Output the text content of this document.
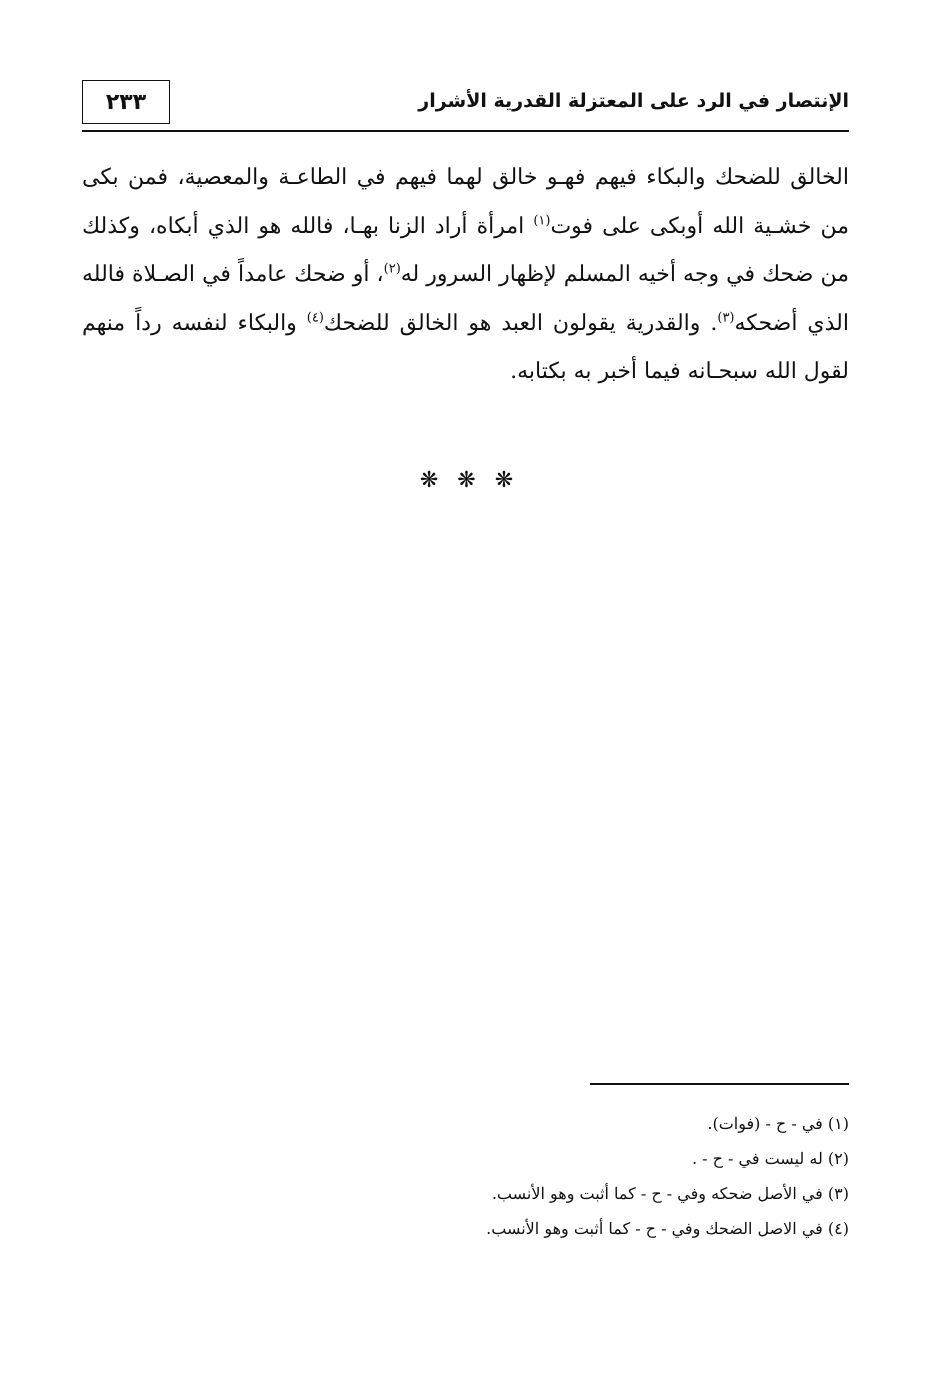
٢٣٣	الإنتصار في الرد على المعتزلة القدرية الأشرار

الخالق للضحك والبكاء فيهم فهـو خالق لهما فيهم في الطاعـة والمعصية، فمن بكى من خشـية الله أوبكى على فوت$^{(١)}$ امرأة أراد الزنا بهـا، فالله هو الذي أبكاه، وكذلك من ضحك في وجه أخيه المسلم لإظهار السرور له$^{(٢)}$، أو ضحك عامداً في الصـلاة فالله الذي أضحكه$^{(٣)}$. والقدرية يقولون العبد هو الخالق للضحك$^{(٤)}$ والبكاء لنفسه رداً منهم لقول الله سبحـانه فيما أخبر به بكتابه.

❋ ❋ ❋
(١) في - ح - (فوات).
(٢) له ليست في - ح - .
(٣) في الأصل ضحكه وفي - ح - كما أثبت وهو الأنسب.
(٤) في الاصل الضحك وفي - ح - كما أثبت وهو الأنسب.
